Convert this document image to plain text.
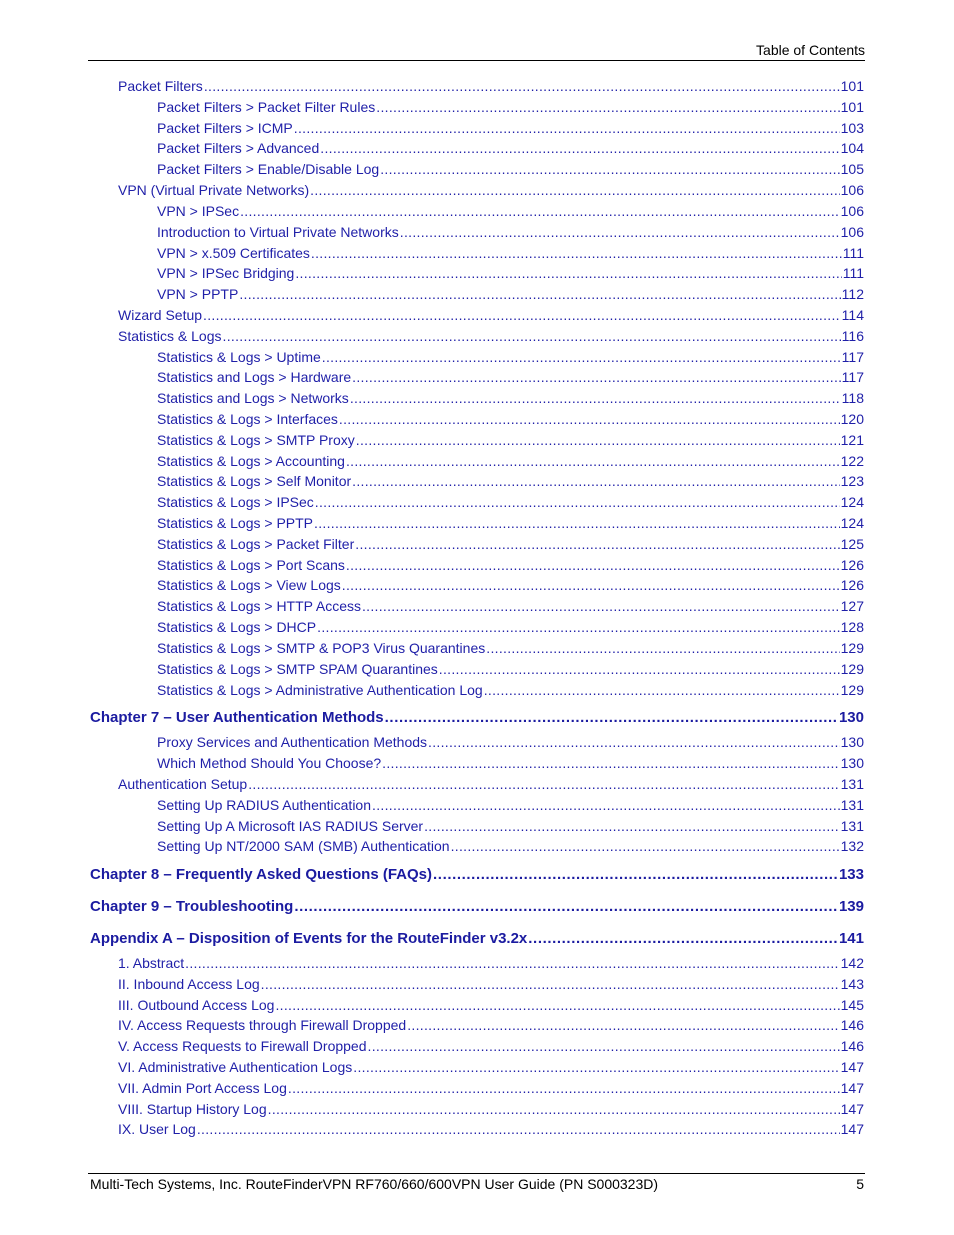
Table of Contents
Packet Filters .....	101
Packet Filters > Packet Filter Rules .....	101
Packet Filters > ICMP .....	103
Packet Filters > Advanced .....	104
Packet Filters > Enable/Disable Log .....	105
VPN (Virtual Private Networks) .....	106
VPN > IPSec .....	106
Introduction to Virtual Private Networks .....	106
VPN > x.509 Certificates .....	111
VPN > IPSec Bridging .....	111
VPN > PPTP .....	112
Wizard Setup .....	114
Statistics & Logs .....	116
Statistics & Logs > Uptime .....	117
Statistics and Logs > Hardware .....	117
Statistics and Logs > Networks .....	118
Statistics & Logs > Interfaces .....	120
Statistics & Logs > SMTP Proxy .....	121
Statistics & Logs > Accounting .....	122
Statistics & Logs > Self Monitor .....	123
Statistics & Logs > IPSec .....	124
Statistics & Logs > PPTP .....	124
Statistics & Logs > Packet Filter .....	125
Statistics & Logs > Port Scans .....	126
Statistics & Logs > View Logs .....	126
Statistics & Logs > HTTP Access .....	127
Statistics & Logs > DHCP .....	128
Statistics & Logs > SMTP & POP3 Virus Quarantines .....	129
Statistics & Logs > SMTP SPAM Quarantines .....	129
Statistics & Logs > Administrative Authentication Log .....	129
Chapter 7 – User Authentication Methods .....	130
Proxy Services and Authentication Methods .....	130
Which Method Should You Choose? .....	130
Authentication Setup .....	131
Setting Up RADIUS Authentication .....	131
Setting Up A Microsoft IAS RADIUS Server .....	131
Setting Up NT/2000 SAM (SMB) Authentication .....	132
Chapter 8 – Frequently Asked Questions (FAQs) .....	133
Chapter 9 – Troubleshooting .....	139
Appendix A – Disposition of Events for the RouteFinder v3.2x .....	141
1. Abstract .....	142
II. Inbound Access Log .....	143
III. Outbound Access Log .....	145
IV. Access Requests through Firewall Dropped .....	146
V. Access Requests to Firewall Dropped .....	146
VI. Administrative Authentication Logs .....	147
VII. Admin Port Access Log .....	147
VIII. Startup History Log .....	147
IX. User Log .....	147
Multi-Tech Systems, Inc. RouteFinderVPN RF760/660/600VPN User Guide (PN S000323D)	5
